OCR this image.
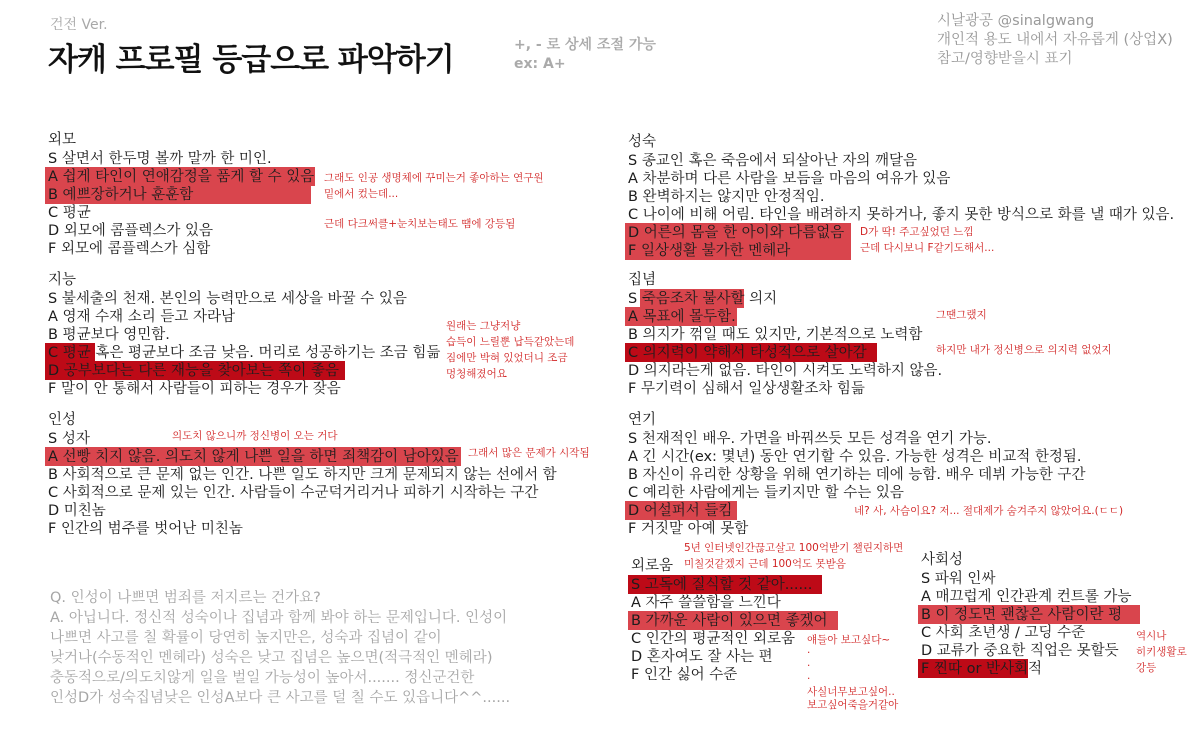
건전 Ver.
자캐 프로필 등급으로 파악하기	+, - 로 상세 조절 가능
ex: A+
시날광공 @sinalgwang
개인적 용도 내에서 자유롭게 (상업X)
참고/영향받을시 표기
외모
S 살면서 한두명 볼까 말까 한 미인.
A 쉽게 타인이 연애감정을 품게 할 수 있음
B 예쁘장하거나 훈훈함
C 평균
D 외모에 콤플렉스가 있음
F 외모에 콤플렉스가 심함
지능
S 불세출의 천재. 본인의 능력만으로 세상을 바꿀 수 있음
A 영재 수재 소리 듣고 자라남
B 평균보다 영민함.
C 평균 혹은 평균보다 조금 낮음. 머리로 성공하기는 조금 힘듦
D 공부보다는 다른 재능을 찾아보는 쪽이 좋음
F 말이 안 통해서 사람들이 피하는 경우가 잦음
인성
S 성자
A 선빵 치지 않음. 의도치 않게 나쁜 일을 하면 죄책감이 남아있음
B 사회적으로 큰 문제 없는 인간. 나쁜 일도 하지만 크게 문제되지 않는 선에서 함
C 사회적으로 문제 있는 인간. 사람들이 수군덕거리거나 피하기 시작하는 구간
D 미친놈
F 인간의 범주를 벗어난 미친놈
성숙
S 종교인 혹은 죽음에서 되살아난 자의 깨달음
A 차분하며 다른 사람을 보듬을 마음의 여유가 있음
B 완벽하지는 않지만 안정적임.
C 나이에 비해 어림. 타인을 배려하지 못하거나, 좋지 못한 방식으로 화를 낼 때가 있음.
D 어른의 몸을 한 아이와 다름없음
F 일상생활 불가한 멘헤라
집념
S 죽음조차 불사할 의지
A 목표에 몰두함.
B 의지가 꺾일 때도 있지만, 기본적으로 노력함
C 의지력이 약해서 타성적으로 살아감
D 의지라는게 없음. 타인이 시켜도 노력하지 않음.
F 무기력이 심해서 일상생활조차 힘듦
연기
S 천재적인 배우. 가면을 바꿔쓰듯 모든 성격을 연기 가능.
A 긴 시간(ex: 몇년) 동안 연기할 수 있음. 가능한 성격은 비교적 한정됨.
B 자신이 유리한 상황을 위해 연기하는 데에 능함. 배우 데뷔 가능한 구간
C 예리한 사람에게는 들키지만 할 수는 있음
D 어설퍼서 들킴
F 거짓말 아예 못함
외로움
S 고독에 질식할 것 같아......
A 자주 쓸쓸함을 느낀다
B 가까운 사람이 있으면 좋겠어
C 인간의 평균적인 외로움
D 혼자여도 잘 사는 편
F 인간 싫어 수준
사회성
S 파워 인싸
A 매끄럽게 인간관계 컨트롤 가능
B 이 정도면 괜찮은 사람이란 평
C 사회 초년생 / 고딩 수준
D 교류가 중요한 직업은 못할듯
F 찐따 or 반사회적
그래도 인공 생명체에 꾸미는거 좋아하는 연구원
밑에서 컸는데...
근데 다크써클+눈치보는태도 땜에 강등됨
원래는 그냥저냥
습득이 느릴뿐 납득같았는데
짐에만 박혀 있었더니 조금
멍청해졌어요
의도치 않으니까 정신병이 오는 거다
그래서 많은 문제가 시작됨
D가 딱! 주고싶었던 느낌
근데 다시보니 F같기도해서...
그땐그랬지
하지만 내가 정신병으로 의지력 없었지
네? 사, 사슴이요? 저... 절대제가 숨겨주지 않았어요.(ㄷㄷ)
5년 인터넷인간끊고살고 100억받기 챌린지하면
미칠것같겠지 근데 100억도 못받음
얘들아 보고싶다~
·
·
·
사실너무보고싶어..
보고싶어죽을거같아
역시나
히키생활로
강등
Q. 인성이 나쁘면 범죄를 저지르는 건가요?
A. 아닙니다. 정신적 성숙이나 집념과 함께 봐야 하는 문제입니다. 인성이
나쁘면 사고를 칠 확률이 당연히 높지만은, 성숙과 집념이 같이
낮거나(수동적인 멘헤라) 성숙은 낮고 집념은 높으면(적극적인 멘헤라)
충동적으로/의도치않게 일을 벌일 가능성이 높아서....... 정신군건한
인성D가 성숙집념낮은 인성A보다 큰 사고를 덜 칠 수도 있읍니다^^......
